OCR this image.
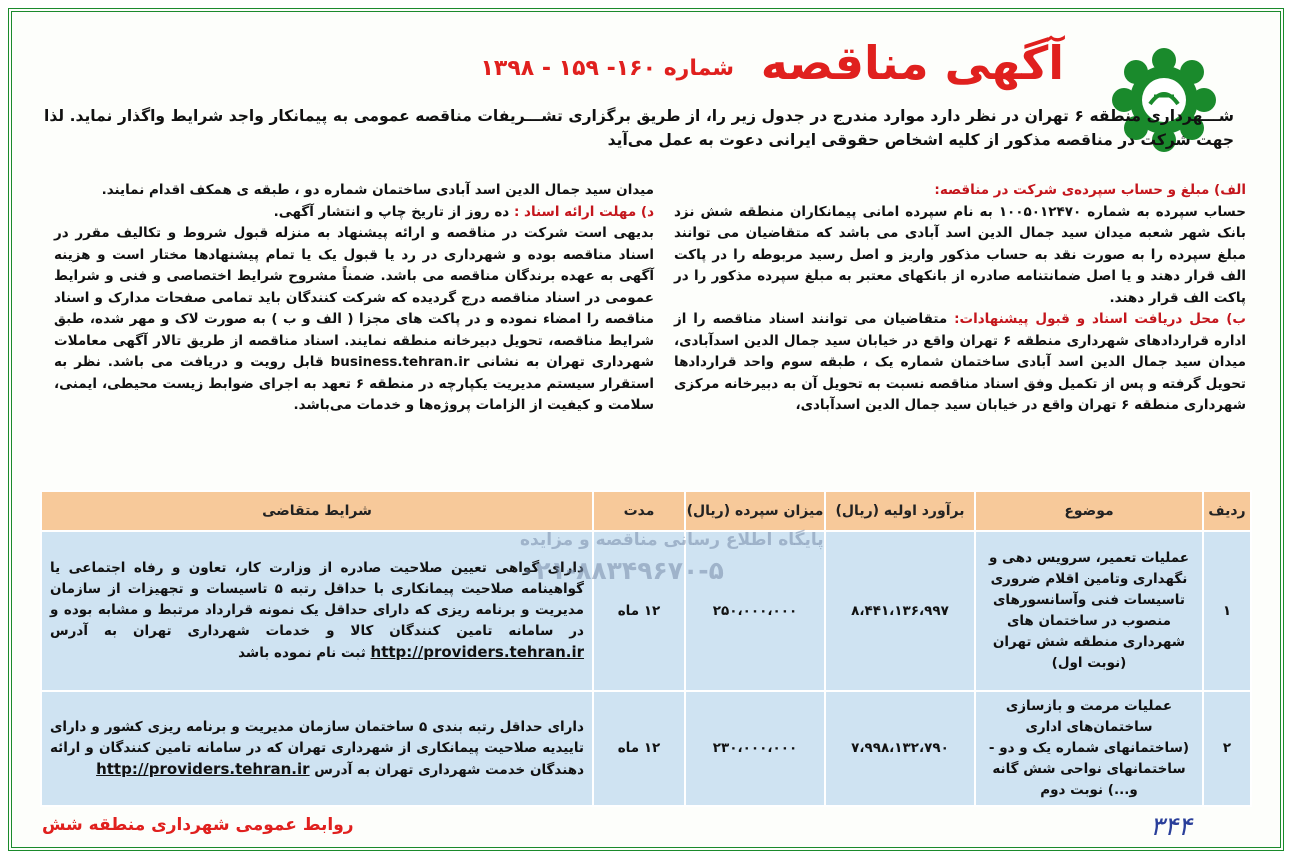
آگهی مناقصه
شماره ۱۶۰- ۱۵۹ - ۱۳۹۸
شـــهرداری منطقه ۶ تهران در نظر دارد موارد مندرج در جدول زیر را، از طریق برگزاری تشـــریفات مناقصه عمومی به پیمانکار واجد شرایط واگذار نماید. لذا جهت شرکت در مناقصه مذکور از کلیه اشخاص حقوقی ایرانی دعوت به عمل می‌آید
الف) مبلغ و حساب سپرده‌ی شرکت در مناقصه:
حساب سپرده به شماره ۱۰۰۵۰۱۲۴۷۰ به نام سپرده امانی پیمانکاران منطقه شش نزد بانک شهر شعبه میدان سید جمال الدین اسد آبادی می باشد که متقاضیان می توانند مبلغ سپرده را به صورت نقد به حساب مذکور واریز و اصل رسید مربوطه را در پاکت الف قرار دهند و یا اصل ضمانتنامه صادره از بانکهای معتبر به مبلغ سپرده مذکور را در پاکت الف قرار دهند.
ب) محل دریافت اسناد و قبول پیشنهادات: متقاضیان می توانند اسناد مناقصه را از اداره قراردادهای شهرداری منطقه ۶ تهران واقع در خیابان سید جمال الدین اسدآبادی، میدان سید جمال الدین اسد آبادی ساختمان شماره یک ، طبقه سوم واحد قراردادها تحویل گرفته و پس از تکمیل وفق اسناد مناقصه نسبت به تحویل آن به دبیرخانه مرکزی شهرداری منطقه ۶ تهران واقع در خیابان سید جمال الدین اسدآبادی،
میدان سید جمال الدین اسد آبادی ساختمان شماره دو ، طبقه ی همکف اقدام نمایند.
د) مهلت ارائه اسناد : ده روز از تاریخ چاپ و انتشار آگهی.
بدیهی است شرکت در مناقصه و ارائه پیشنهاد به منزله قبول شروط و تکالیف مقرر در اسناد مناقصه بوده و شهرداری در رد یا قبول یک یا تمام پیشنهادها مختار است و هزینه آگهی به عهده برندگان مناقصه می باشد. ضمناً مشروح شرایط اختصاصی و فنی و شرایط عمومی در اسناد مناقصه درج گردیده که شرکت کنندگان باید تمامی صفحات مدارک و اسناد مناقصه را امضاء نموده و در پاکت های مجزا ( الف و ب ) به صورت لاک و مهر شده، طبق شرایط مناقصه، تحویل دبیرخانه منطقه نمایند. اسناد مناقصه از طریق تالار آگهی معاملات شهرداری تهران به نشانی business.tehran.ir قابل رویت و دریافت می باشد. نظر به استقرار سیستم مدیریت یکپارچه در منطقه ۶ تعهد به اجرای ضوابط زیست محیطی، ایمنی، سلامت و کیفیت از الزامات پروژه‌ها و خدمات می‌باشد.
ردیف	موضوع	برآورد اولیه (ریال)	میزان سپرده (ریال)	مدت	شرایط متقاضی
۱	عملیات تعمیر، سرویس دهی و نگهداری وتامین اقلام ضروری تاسیسات فنی وآسانسورهای منصوب در ساختمان های شهرداری منطقه شش تهران (نوبت اول)	۸،۴۴۱،۱۳۶،۹۹۷	۲۵۰،۰۰۰،۰۰۰	۱۲ ماه	دارای گواهی تعیین صلاحیت صادره از وزارت کار، تعاون و رفاه اجتماعی یا گواهینامه صلاحیت پیمانکاری با حداقل رتبه ۵ تاسیسات و تجهیزات از سازمان مدیریت و برنامه ریزی که دارای حداقل یک نمونه قرارداد مرتبط و مشابه بوده و در سامانه تامین کنندگان کالا و خدمات شهرداری تهران به آدرس http://providers.tehran.ir ثبت نام نموده باشد
۲	عملیات مرمت و بازسازی ساختمان‌های اداری (ساختمانهای شماره یک و دو - ساختمانهای نواحی شش گانه و...) نوبت دوم	۷،۹۹۸،۱۳۲،۷۹۰	۲۳۰،۰۰۰،۰۰۰	۱۲ ماه	دارای حداقل رتبه بندی ۵ ساختمان سازمان مدیریت و برنامه ریزی کشور و دارای تاییدیه صلاحیت پیمانکاری از شهرداری تهران که در سامانه تامین کنندگان و ارائه دهندگان خدمت شهرداری تهران به آدرس http://providers.tehran.ir
پایگاه اطلاع رسانی مناقصه و مزایده
۰۲۱-۸۸۳۴۹۶۷۰-۵
روابط عمومی شهرداری منطقه شش	۳۴۴
